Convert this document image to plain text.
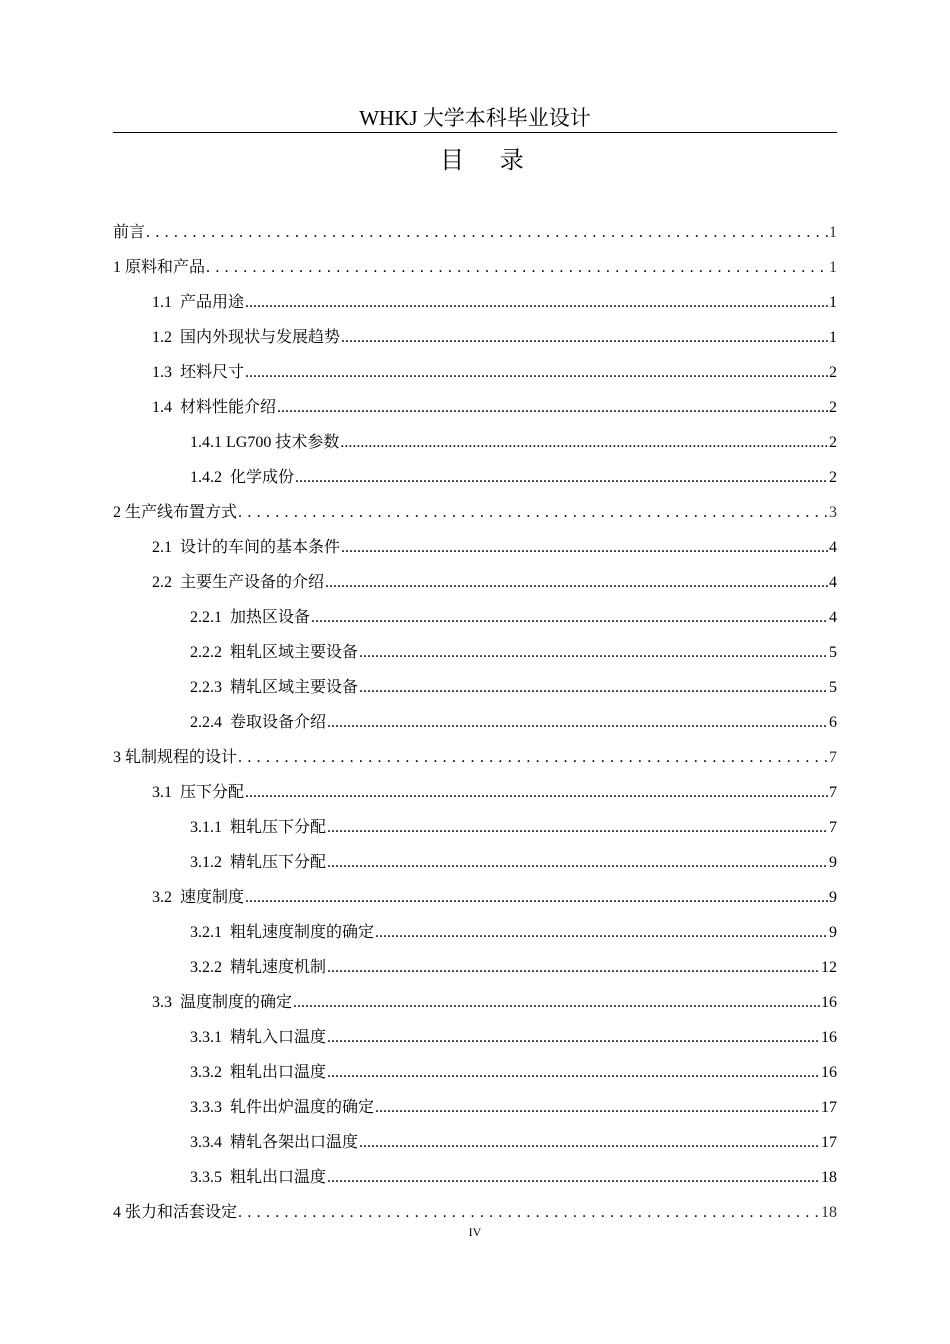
WHKJ 大学本科毕业设计
目 录
前言 .....	1
1 原料和产品 .....	1
1.1 产品用途 .....	1
1.2 国内外现状与发展趋势 .....	1
1.3 坯料尺寸 .....	2
1.4 材料性能介绍 .....	2
1.4.1 LG700 技术参数 .....	2
1.4.2 化学成份 .....	2
2 生产线布置方式 .....	3
2.1 设计的车间的基本条件 .....	4
2.2 主要生产设备的介绍 .....	4
2.2.1 加热区设备 .....	4
2.2.2 粗轧区域主要设备 .....	5
2.2.3 精轧区域主要设备 .....	5
2.2.4 卷取设备介绍 .....	6
3 轧制规程的设计 .....	7
3.1 压下分配 .....	7
3.1.1 粗轧压下分配 .....	7
3.1.2 精轧压下分配 .....	9
3.2 速度制度 .....	9
3.2.1 粗轧速度制度的确定 .....	9
3.2.2 精轧速度机制 .....	12
3.3 温度制度的确定 .....	16
3.3.1 精轧入口温度 .....	16
3.3.2 粗轧出口温度 .....	16
3.3.3 轧件出炉温度的确定 .....	17
3.3.4 精轧各架出口温度 .....	17
3.3.5 粗轧出口温度 .....	18
4 张力和活套设定 .....	18
IV
